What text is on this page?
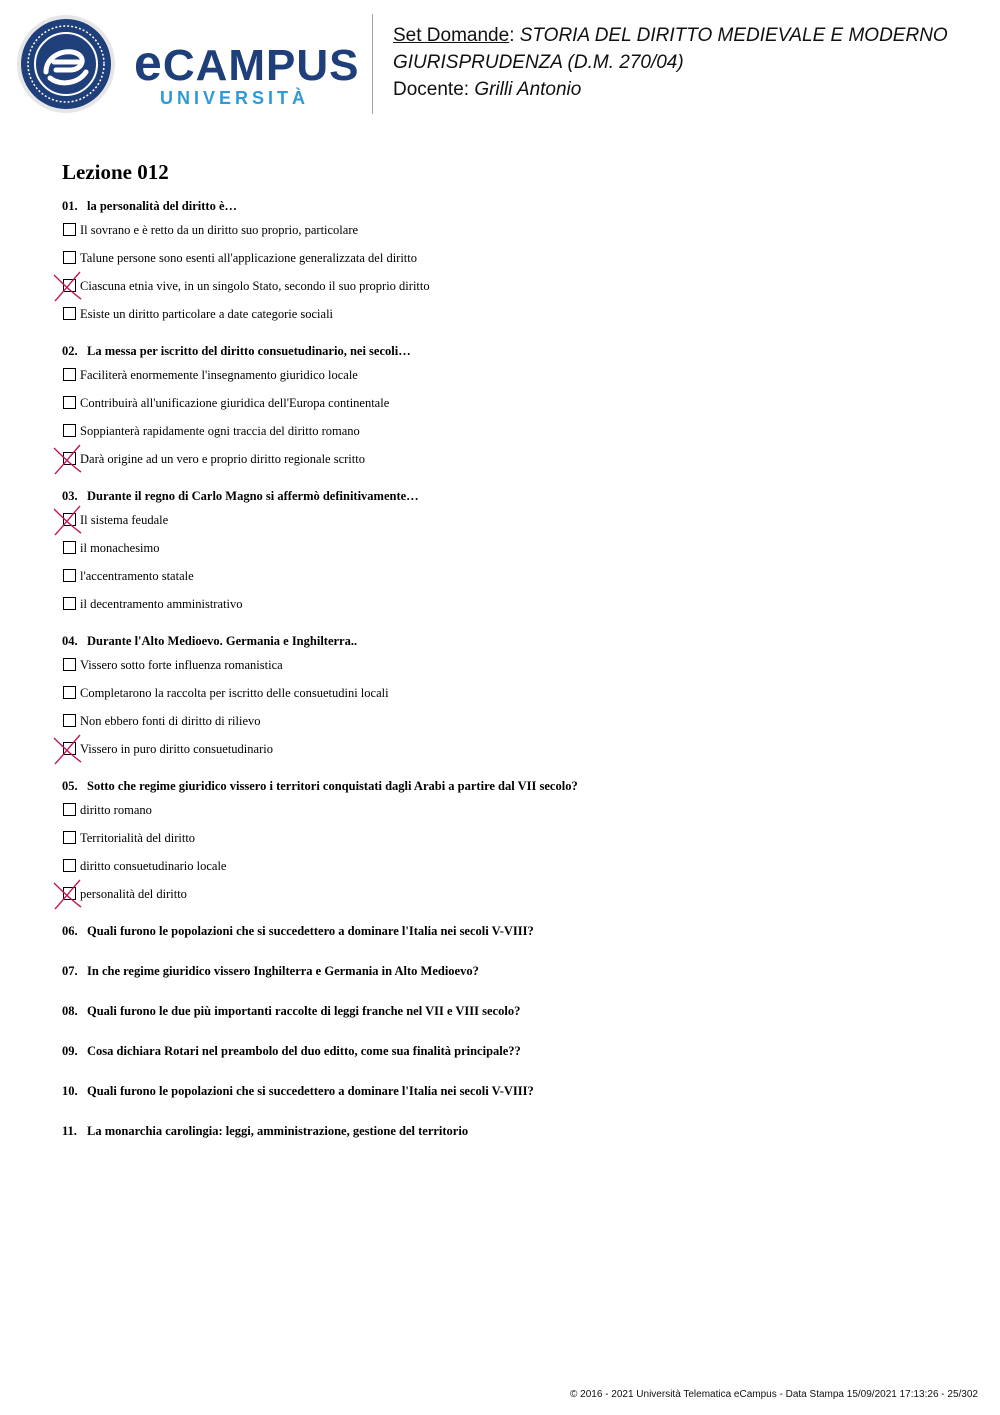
eCAMPUS
UNIVERSITÀ
Set Domande: STORIA DEL DIRITTO MEDIEVALE E MODERNO
GIURISPRUDENZA (D.M. 270/04)
Docente: Grilli Antonio
Lezione 012
01. la personalità del diritto è…
Il sovrano e è retto da un diritto suo proprio, particolare
Talune persone sono esenti all'applicazione generalizzata del diritto
Ciascuna etnia vive, in un singolo Stato, secondo il suo proprio diritto
Esiste un diritto particolare a date categorie sociali
02. La messa per iscritto del diritto consuetudinario, nei secoli…
Faciliterà enormemente l'insegnamento giuridico locale
Contribuirà all'unificazione giuridica dell'Europa continentale
Soppianterà rapidamente ogni traccia del diritto romano
Darà origine ad un vero e proprio diritto regionale scritto
03. Durante il regno di Carlo Magno si affermò definitivamente…
Il sistema feudale
il monachesimo
l'accentramento statale
il decentramento amministrativo
04. Durante l'Alto Medioevo. Germania e Inghilterra..
Vissero sotto forte influenza romanistica
Completarono la raccolta per iscritto delle consuetudini locali
Non ebbero fonti di diritto di rilievo
Vissero in puro diritto consuetudinario
05. Sotto che regime giuridico vissero i territori conquistati dagli Arabi a partire dal VII secolo?
diritto romano
Territorialità del diritto
diritto consuetudinario locale
personalità del diritto
06. Quali furono le popolazioni che si succedettero a dominare l'Italia nei secoli V-VIII?
07. In che regime giuridico vissero Inghilterra e Germania in Alto Medioevo?
08. Quali furono le due più importanti raccolte di leggi franche nel VII e VIII secolo?
09. Cosa dichiara Rotari nel preambolo del duo editto, come sua finalità principale??
10. Quali furono le popolazioni che si succedettero a dominare l'Italia nei secoli V-VIII?
11. La monarchia carolingia: leggi, amministrazione, gestione del territorio
© 2016 - 2021 Università Telematica eCampus - Data Stampa 15/09/2021 17:13:26 - 25/302
